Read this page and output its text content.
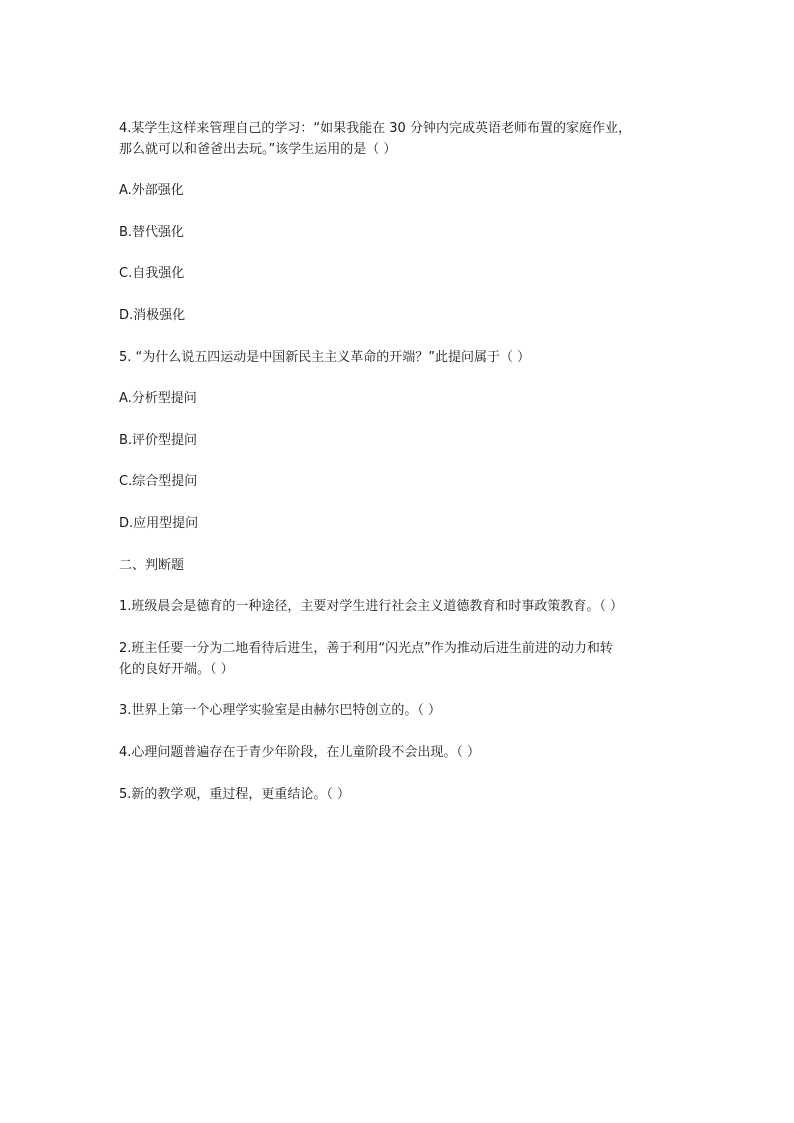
4.某学生这样来管理自己的学习：“如果我能在 30 分钟内完成英语老师布置的家庭作业，
那么就可以和爸爸出去玩。”该学生运用的是（ ）
A.外部强化
B.替代强化
C.自我强化
D.消极强化
5. “为什么说五四运动是中国新民主主义革命的开端？”此提问属于（ ）
A.分析型提问
B.评价型提问
C.综合型提问
D.应用型提问
二、判断题
1.班级晨会是德育的一种途径，主要对学生进行社会主义道德教育和时事政策教育。（ ）
2.班主任要一分为二地看待后进生，善于利用“闪光点”作为推动后进生前进的动力和转
化的良好开端。（ ）
3.世界上第一个心理学实验室是由赫尔巴特创立的。（ ）
4.心理问题普遍存在于青少年阶段，在儿童阶段不会出现。（ ）
5.新的教学观，重过程，更重结论。（ ）
